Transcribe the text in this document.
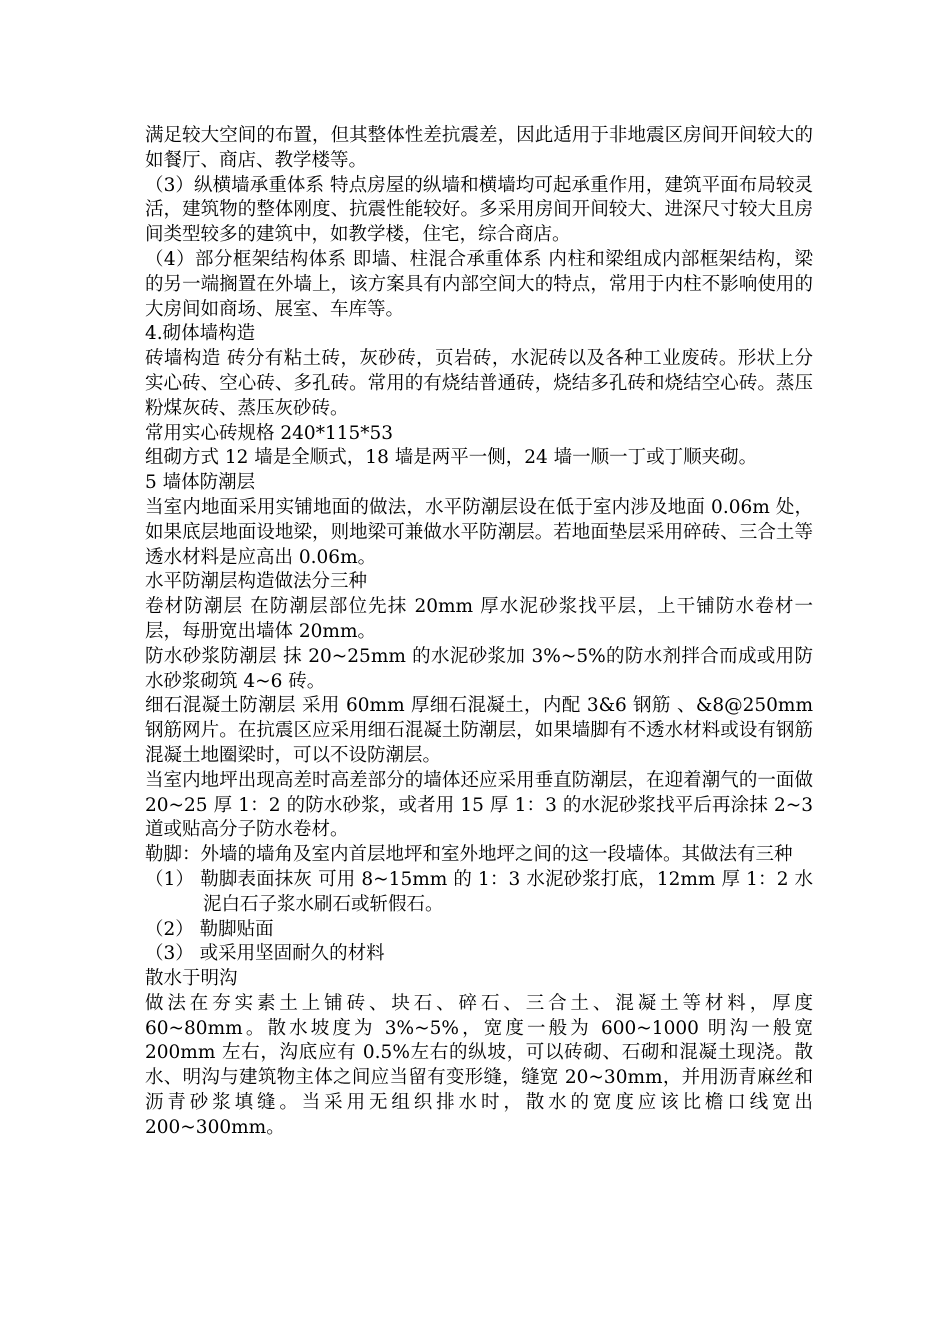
满足较大空间的布置，但其整体性差抗震差，因此适用于非地震区房间开间较大的如餐厅、商店、教学楼等。

（3）纵横墙承重体系 特点房屋的纵墙和横墙均可起承重作用，建筑平面布局较灵活，建筑物的整体刚度、抗震性能较好。多采用房间开间较大、进深尺寸较大且房间类型较多的建筑中，如教学楼，住宅，综合商店。

（4）部分框架结构体系 即墙、柱混合承重体系 内柱和梁组成内部框架结构，梁的另一端搁置在外墙上，该方案具有内部空间大的特点，常用于内柱不影响使用的大房间如商场、展室、车库等。

4.砌体墙构造

砖墙构造 砖分有粘土砖，灰砂砖，页岩砖，水泥砖以及各种工业废砖。形状上分实心砖、空心砖、多孔砖。常用的有烧结普通砖，烧结多孔砖和烧结空心砖。蒸压粉煤灰砖、蒸压灰砂砖。

常用实心砖规格 240*115*53

组砌方式 12 墙是全顺式，18 墙是两平一侧，24 墙一顺一丁或丁顺夹砌。

5 墙体防潮层

当室内地面采用实铺地面的做法，水平防潮层设在低于室内涉及地面 0.06m 处，如果底层地面设地梁，则地梁可兼做水平防潮层。若地面垫层采用碎砖、三合土等透水材料是应高出 0.06m。

水平防潮层构造做法分三种

卷材防潮层 在防潮层部位先抹 20mm 厚水泥砂浆找平层，上干铺防水卷材一层，每册宽出墙体 20mm。

防水砂浆防潮层 抹 20~25mm 的水泥砂浆加 3%~5%的防水剂拌合而成或用防水砂浆砌筑 4~6 砖。

细石混凝土防潮层 采用 60mm 厚细石混凝土，内配 3&6 钢筋 、&8@250mm 钢筋网片。在抗震区应采用细石混凝土防潮层，如果墙脚有不透水材料或设有钢筋混凝土地圈梁时，可以不设防潮层。

当室内地坪出现高差时高差部分的墙体还应采用垂直防潮层，在迎着潮气的一面做 20~25 厚 1：2 的防水砂浆，或者用 15 厚 1：3 的水泥砂浆找平后再涂抹 2~3 道或贴高分子防水卷材。

勒脚：外墙的墙角及室内首层地坪和室外地坪之间的这一段墙体。其做法有三种

（1） 勒脚表面抹灰 可用 8~15mm 的 1：3 水泥砂浆打底，12mm 厚 1：2 水泥白石子浆水刷石或斩假石。

（2） 勒脚贴面

（3） 或采用坚固耐久的材料

散水于明沟

做法在夯实素土上铺砖、块石、碎石、三合土、混凝土等材料，厚度 60~80mm。散水坡度为 3%~5%，宽度一般为 600~1000 明沟一般宽 200mm 左右，沟底应有 0.5%左右的纵坡，可以砖砌、石砌和混凝土现浇。散水、明沟与建筑物主体之间应当留有变形缝，缝宽 20~30mm，并用沥青麻丝和沥青砂浆填缝。当采用无组织排水时，散水的宽度应该比檐口线宽出 200~300mm。
